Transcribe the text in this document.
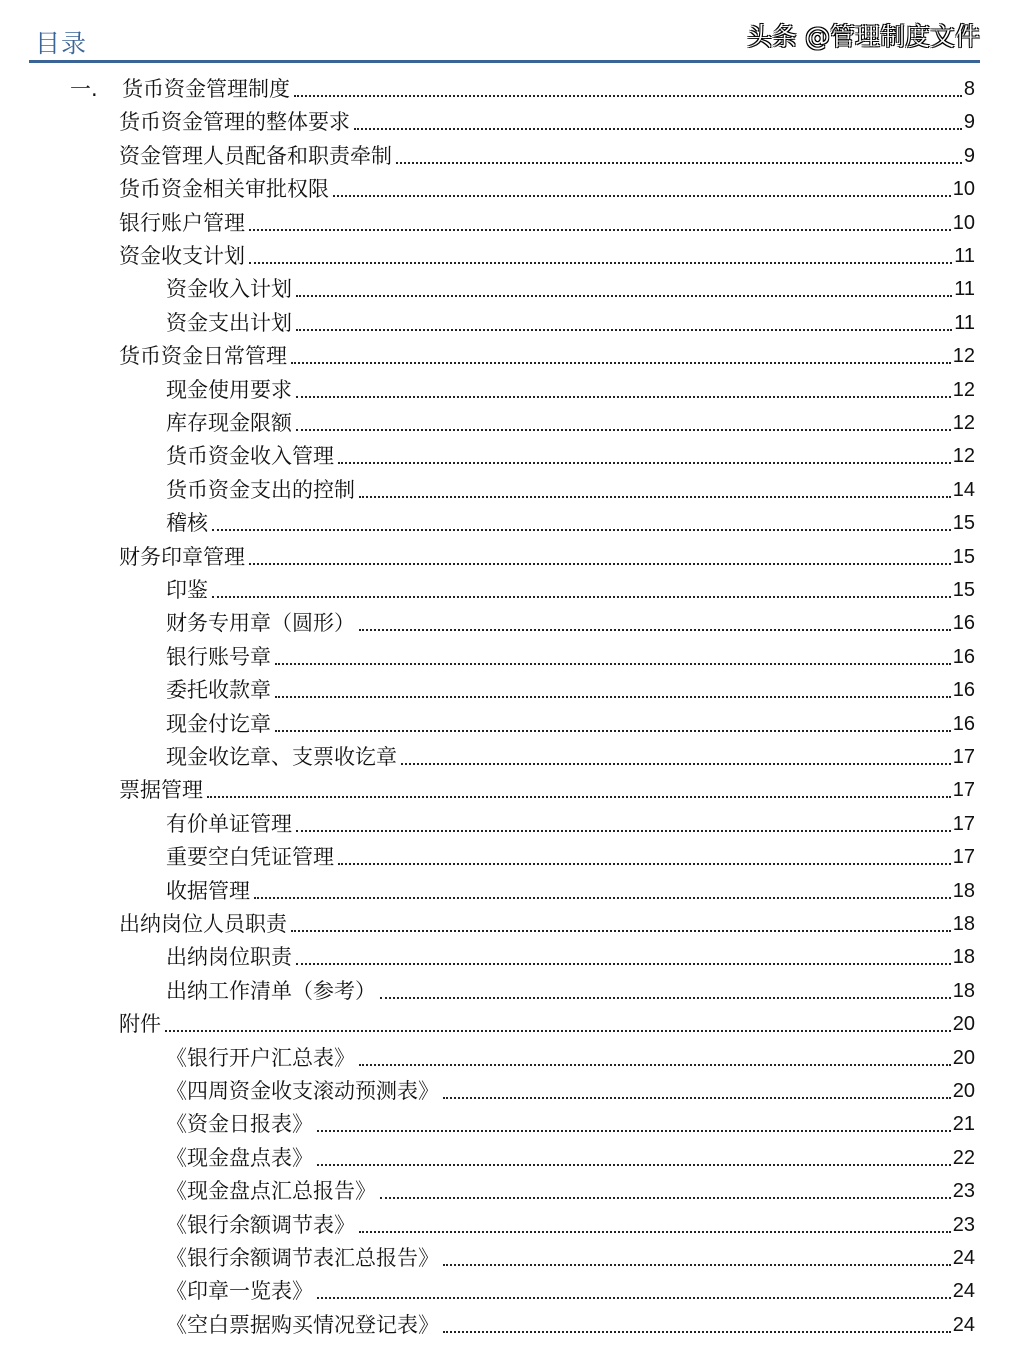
目录	头条 @管理制度文件
一. 货币资金管理制度	8
货币资金管理的整体要求	9
资金管理人员配备和职责牵制	9
货币资金相关审批权限	10
银行账户管理	10
资金收支计划	11
资金收入计划	11
资金支出计划	11
货币资金日常管理	12
现金使用要求	12
库存现金限额	12
货币资金收入管理	12
货币资金支出的控制	14
稽核	15
财务印章管理	15
印鉴	15
财务专用章（圆形）	16
银行账号章	16
委托收款章	16
现金付讫章	16
现金收讫章、支票收讫章	17
票据管理	17
有价单证管理	17
重要空白凭证管理	17
收据管理	18
出纳岗位人员职责	18
出纳岗位职责	18
出纳工作清单（参考）	18
附件	20
《银行开户汇总表》	20
《四周资金收支滚动预测表》	20
《资金日报表》	21
《现金盘点表》	22
《现金盘点汇总报告》	23
《银行余额调节表》	23
《银行余额调节表汇总报告》	24
《印章一览表》	24
《空白票据购买情况登记表》	24
